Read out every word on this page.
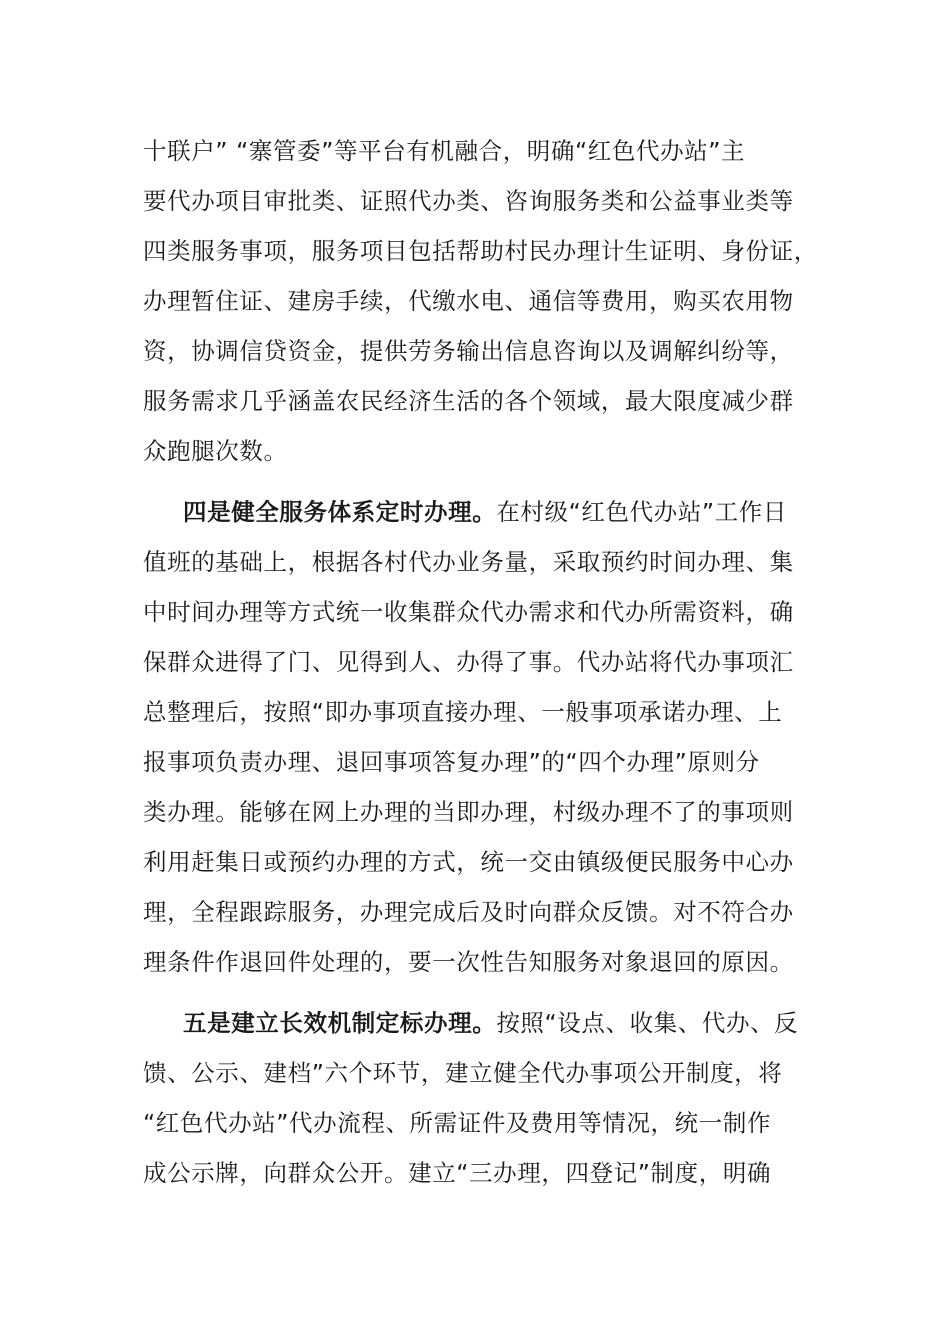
十联户” “寨管委”等平台有机融合，明确“红色代办站”主
要代办项目审批类、证照代办类、咨询服务类和公益事业类等
四类服务事项，服务项目包括帮助村民办理计生证明、身份证，
办理暂住证、建房手续，代缴水电、通信等费用，购买农用物
资，协调信贷资金，提供劳务输出信息咨询以及调解纠纷等，
服务需求几乎涵盖农民经济生活的各个领域，最大限度减少群
众跑腿次数。
四是健全服务体系定时办理。在村级“红色代办站”工作日
值班的基础上，根据各村代办业务量，采取预约时间办理、集
中时间办理等方式统一收集群众代办需求和代办所需资料，确
保群众进得了门、见得到人、办得了事。代办站将代办事项汇
总整理后，按照“即办事项直接办理、一般事项承诺办理、上
报事项负责办理、退回事项答复办理”的“四个办理”原则分
类办理。能够在网上办理的当即办理，村级办理不了的事项则
利用赶集日或预约办理的方式，统一交由镇级便民服务中心办
理，全程跟踪服务，办理完成后及时向群众反馈。对不符合办
理条件作退回件处理的，要一次性告知服务对象退回的原因。
五是建立长效机制定标办理。按照“设点、收集、代办、反
馈、公示、建档”六个环节，建立健全代办事项公开制度，将
“红色代办站”代办流程、所需证件及费用等情况，统一制作
成公示牌，向群众公开。建立“三办理，四登记”制度，明确
